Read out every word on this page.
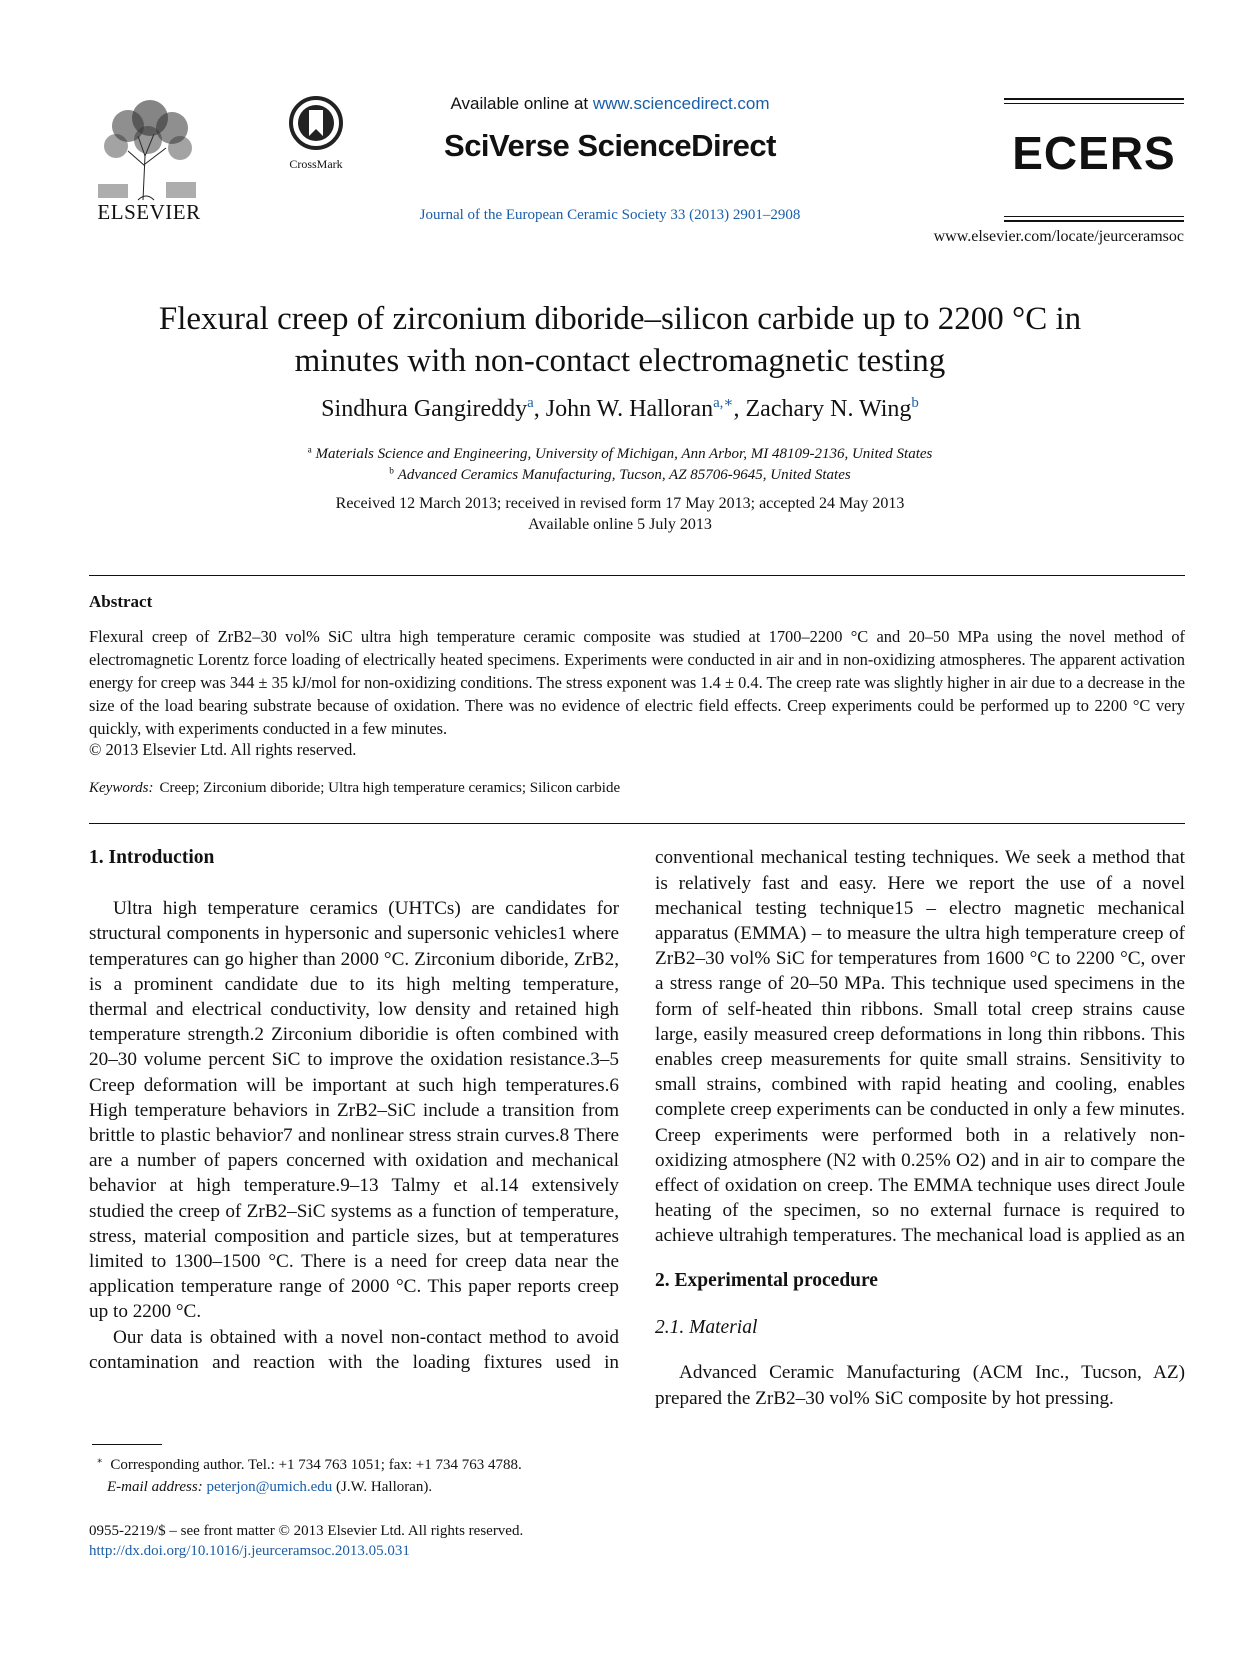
ELSEVIER
CrossMark
Available online at www.sciencedirect.com
SciVerse ScienceDirect
Journal of the European Ceramic Society 33 (2013) 2901–2908
ECERS
www.elsevier.com/locate/jeurceramsoc
Flexural creep of zirconium diboride–silicon carbide up to 2200 °C in
minutes with non-contact electromagnetic testing
Sindhura Gangireddy$^a$, John W. Halloran$^{a,∗}$, Zachary N. Wing$^b$
$^a$ Materials Science and Engineering, University of Michigan, Ann Arbor, MI 48109-2136, United States
$^b$ Advanced Ceramics Manufacturing, Tucson, AZ 85706-9645, United States
Received 12 March 2013; received in revised form 17 May 2013; accepted 24 May 2013
Available online 5 July 2013
Abstract
Flexural creep of ZrB2–30 vol% SiC ultra high temperature ceramic composite was studied at 1700–2200 °C and 20–50 MPa using the novel method of electromagnetic Lorentz force loading of electrically heated specimens. Experiments were conducted in air and in non-oxidizing atmospheres. The apparent activation energy for creep was 344 ± 35 kJ/mol for non-oxidizing conditions. The stress exponent was 1.4 ± 0.4. The creep rate was slightly higher in air due to a decrease in the size of the load bearing substrate because of oxidation. There was no evidence of electric field effects. Creep experiments could be performed up to 2200 °C very quickly, with experiments conducted in a few minutes.
© 2013 Elsevier Ltd. All rights reserved.
Keywords: Creep; Zirconium diboride; Ultra high temperature ceramics; Silicon carbide
1. Introduction

Ultra high temperature ceramics (UHTCs) are candidates for structural components in hypersonic and supersonic vehicles1 where temperatures can go higher than 2000 °C. Zirconium diboride, ZrB2, is a prominent candidate due to its high melting temperature, thermal and electrical conductivity, low density and retained high temperature strength.2 Zirconium diboridie is often combined with 20–30 volume percent SiC to improve the oxidation resistance.3–5 Creep deformation will be important at such high temperatures.6 High temperature behaviors in ZrB2–SiC include a transition from brittle to plastic behavior7 and nonlinear stress strain curves.8 There are a number of papers concerned with oxidation and mechanical behavior at high temperature.9–13 Talmy et al.14 extensively studied the creep of ZrB2–SiC systems as a function of temperature, stress, material composition and particle sizes, but at temperatures limited to 1300–1500 °C. There is a need for creep data near the application temperature range of 2000 °C. This paper reports creep up to 2200 °C.

Our data is obtained with a novel non-contact method to avoid contamination and reaction with the loading fixtures used in

conventional mechanical testing techniques. We seek a method that is relatively fast and easy. Here we report the use of a novel mechanical testing technique15 – electro magnetic mechanical apparatus (EMMA) – to measure the ultra high temperature creep of ZrB2–30 vol% SiC for temperatures from 1600 °C to 2200 °C, over a stress range of 20–50 MPa. This technique used specimens in the form of self-heated thin ribbons. Small total creep strains cause large, easily measured creep deformations in long thin ribbons. This enables creep measurements for quite small strains. Sensitivity to small strains, combined with rapid heating and cooling, enables complete creep experiments can be conducted in only a few minutes. Creep experiments were performed both in a relatively non-oxidizing atmosphere (N2 with 0.25% O2) and in air to compare the effect of oxidation on creep. The EMMA technique uses direct Joule heating of the specimen, so no external furnace is required to achieve ultrahigh temperatures. The mechanical load is applied as an

2. Experimental procedure
2.1. Material

Advanced Ceramic Manufacturing (ACM Inc., Tucson, AZ) prepared the ZrB2–30 vol% SiC composite by hot pressing.

∗ Corresponding author. Tel.: +1 734 763 1051; fax: +1 734 763 4788.
E-mail address: peterjon@umich.edu (J.W. Halloran).
0955-2219/$ – see front matter © 2013 Elsevier Ltd. All rights reserved.
http://dx.doi.org/10.1016/j.jeurceramsoc.2013.05.031
